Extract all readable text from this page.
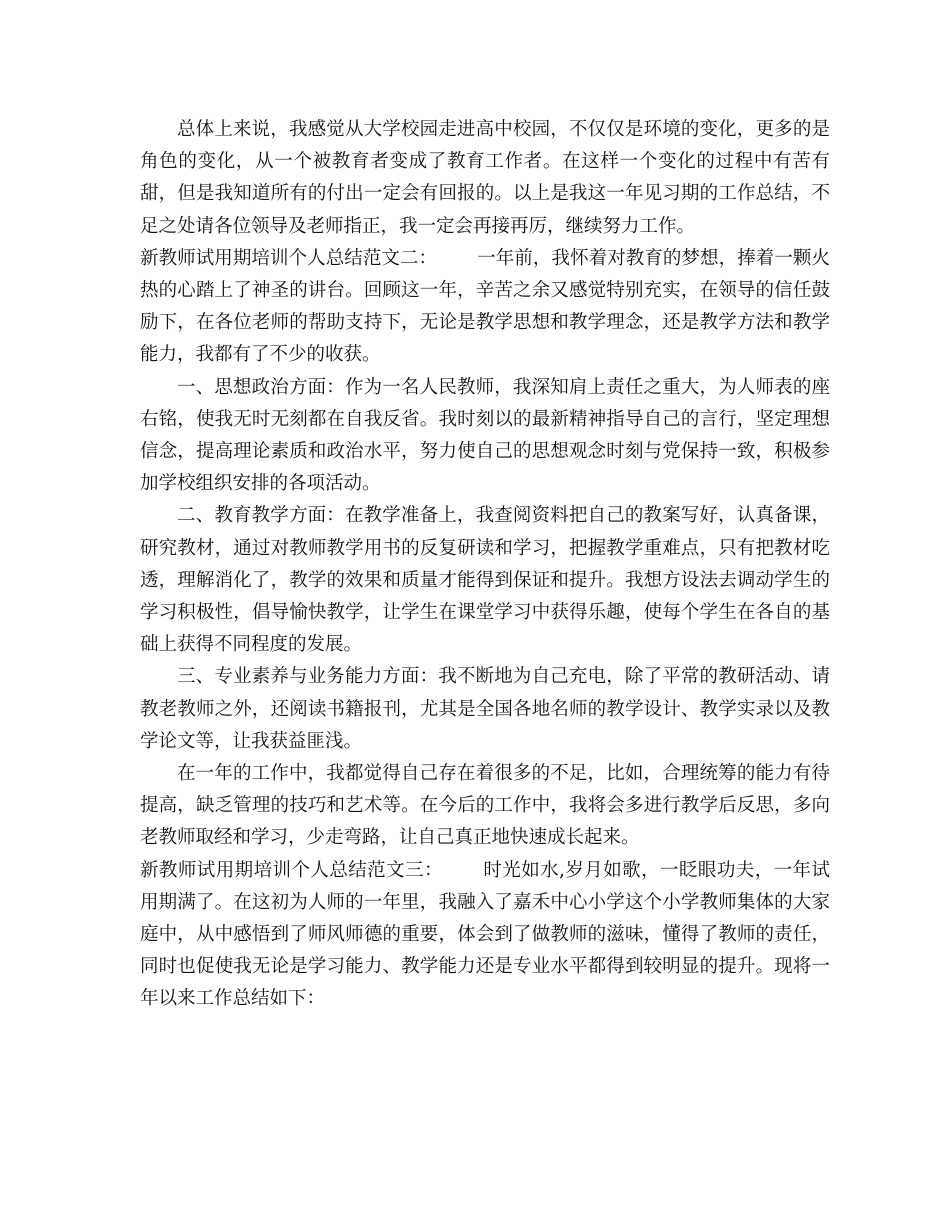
总体上来说，我感觉从大学校园走进高中校园，不仅仅是环境的变化，更多的是角色的变化，从一个被教育者变成了教育工作者。在这样一个变化的过程中有苦有甜，但是我知道所有的付出一定会有回报的。以上是我这一年见习期的工作总结，不足之处请各位领导及老师指正，我一定会再接再厉，继续努力工作。

新教师试用期培训个人总结范文二： 一年前，我怀着对教育的梦想，捧着一颗火热的心踏上了神圣的讲台。回顾这一年，辛苦之余又感觉特别充实，在领导的信任鼓励下，在各位老师的帮助支持下，无论是教学思想和教学理念，还是教学方法和教学能力，我都有了不少的收获。

一、思想政治方面：作为一名人民教师，我深知肩上责任之重大，为人师表的座右铭，使我无时无刻都在自我反省。我时刻以的最新精神指导自己的言行，坚定理想信念，提高理论素质和政治水平，努力使自己的思想观念时刻与党保持一致，积极参加学校组织安排的各项活动。

二、教育教学方面：在教学准备上，我查阅资料把自己的教案写好，认真备课，研究教材，通过对教师教学用书的反复研读和学习，把握教学重难点，只有把教材吃透，理解消化了，教学的效果和质量才能得到保证和提升。我想方设法去调动学生的学习积极性，倡导愉快教学，让学生在课堂学习中获得乐趣，使每个学生在各自的基础上获得不同程度的发展。

三、专业素养与业务能力方面：我不断地为自己充电，除了平常的教研活动、请教老教师之外，还阅读书籍报刊，尤其是全国各地名师的教学设计、教学实录以及教学论文等，让我获益匪浅。

在一年的工作中，我都觉得自己存在着很多的不足，比如，合理统筹的能力有待提高，缺乏管理的技巧和艺术等。在今后的工作中，我将会多进行教学后反思，多向老教师取经和学习，少走弯路，让自己真正地快速成长起来。

新教师试用期培训个人总结范文三： 时光如水,岁月如歌，一眨眼功夫，一年试用期满了。在这初为人师的一年里，我融入了嘉禾中心小学这个小学教师集体的大家庭中，从中感悟到了师风师德的重要，体会到了做教师的滋味，懂得了教师的责任，同时也促使我无论是学习能力、教学能力还是专业水平都得到较明显的提升。现将一年以来工作总结如下：
